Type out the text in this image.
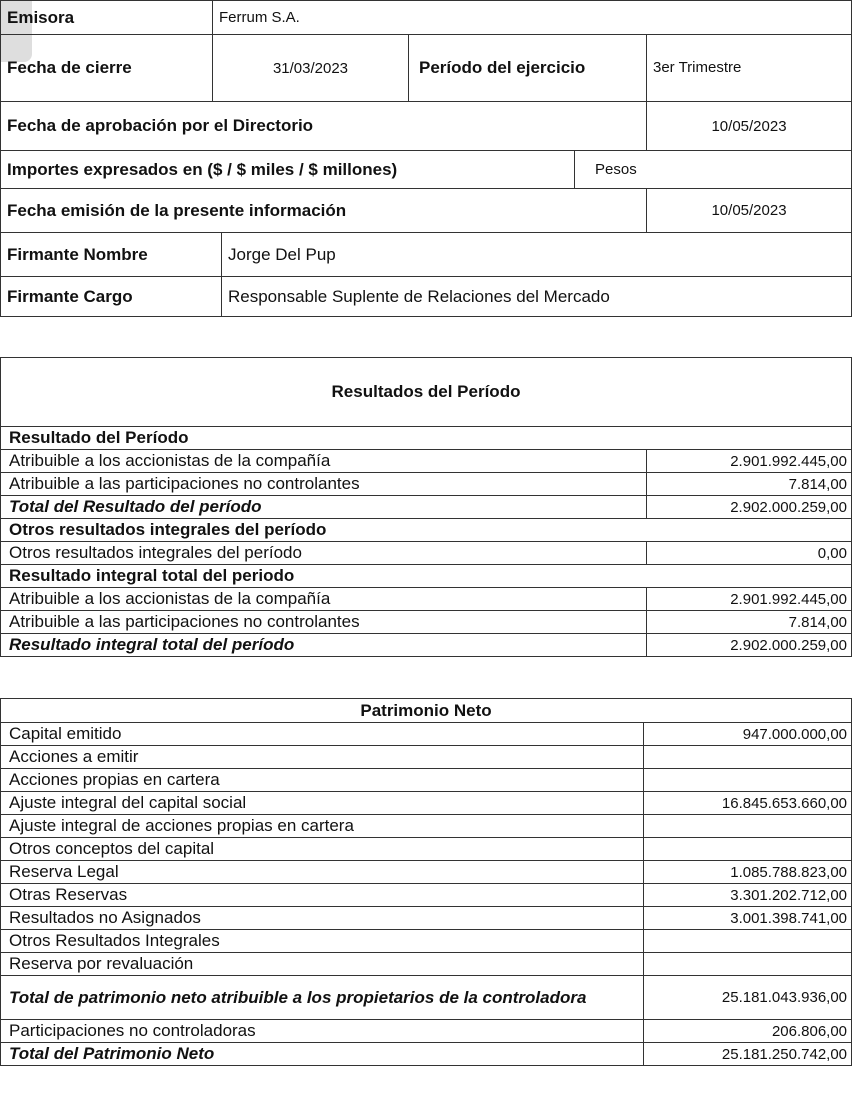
Emisora	Ferrum S.A.				
Fecha de cierre	31/03/2023		Período del ejercicio		3er Trimestre
Fecha de aprobación por el Directorio					10/05/2023
Importes expresados en ($ / $ miles / $ millones)				Pesos	
Fecha emisión de la presente información					10/05/2023
Firmante Nombre		Jorge Del Pup			
Firmante Cargo		Responsable Suplente de Relaciones del Mercado			
Resultados del Período	
Resultado del Período	
Atribuible a los accionistas de la compañía	2.901.992.445,00
Atribuible a las participaciones no controlantes	7.814,00
Total del Resultado del período	2.902.000.259,00
Otros resultados integrales del período	
Otros resultados integrales del período	0,00
Resultado integral total del periodo	
Atribuible a los accionistas de la compañía	2.901.992.445,00
Atribuible a las participaciones no controlantes	7.814,00
Resultado integral total del período	2.902.000.259,00
Patrimonio Neto	
Capital emitido	947.000.000,00
Acciones a emitir	
Acciones propias en cartera	
Ajuste integral del capital social	16.845.653.660,00
Ajuste integral de acciones propias en cartera	
Otros conceptos del capital	
Reserva Legal	1.085.788.823,00
Otras Reservas	3.301.202.712,00
Resultados no Asignados	3.001.398.741,00
Otros Resultados Integrales	
Reserva por revaluación	
Total de patrimonio neto atribuible a los propietarios de la controladora	25.181.043.936,00
Participaciones no controladoras	206.806,00
Total del Patrimonio Neto	25.181.250.742,00
